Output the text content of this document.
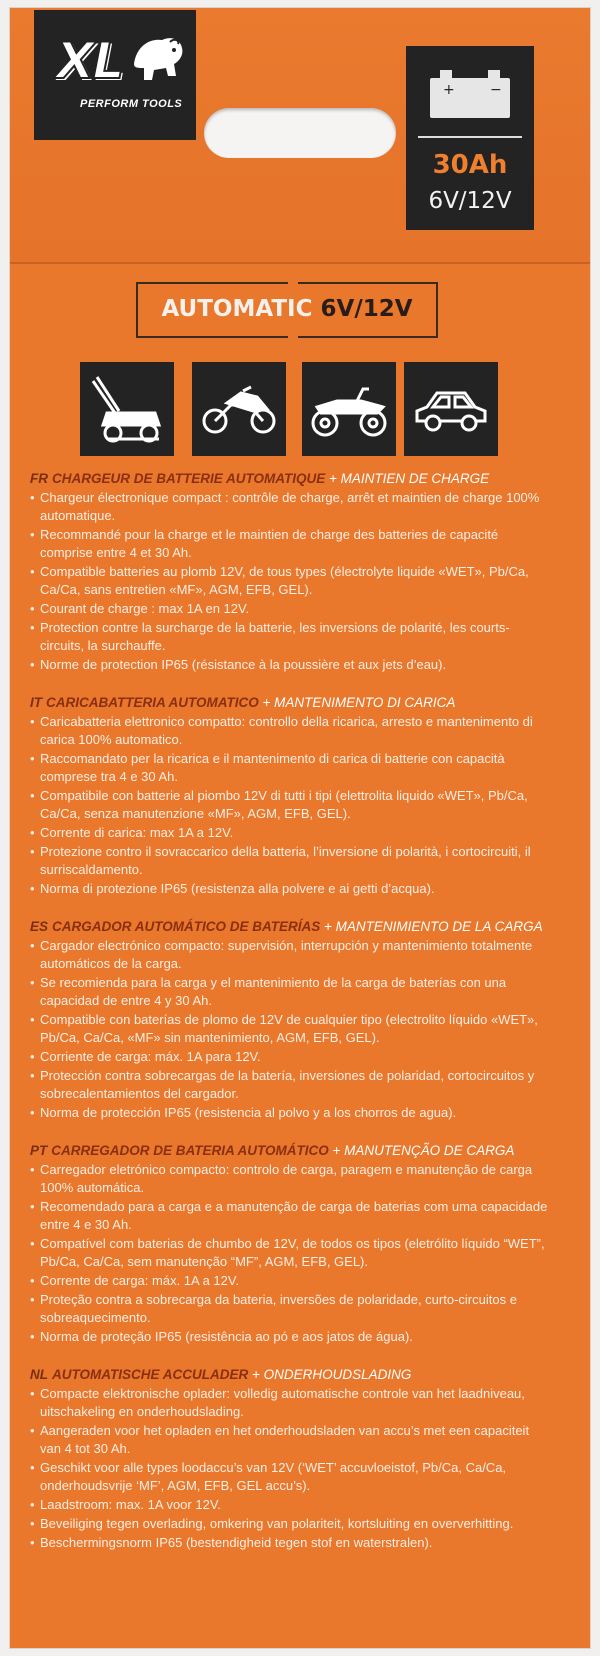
XL
PERFORM TOOLS
+	−
30Ah
6V/12V
AUTOMATIC 6V/12V
FR CHARGEUR DE BATTERIE AUTOMATIQUE + MAINTIEN DE CHARGE
• Chargeur électronique compact : contrôle de charge, arrêt et maintien de charge 100% automatique.
• Recommandé pour la charge et le maintien de charge des batteries de capacité comprise entre 4 et 30 Ah.
• Compatible batteries au plomb 12V, de tous types (électrolyte liquide «WET», Pb/Ca, Ca/Ca, sans entretien «MF», AGM, EFB, GEL).
• Courant de charge : max 1A en 12V.
• Protection contre la surcharge de la batterie, les inversions de polarité, les courts-circuits, la surchauffe.
• Norme de protection IP65 (résistance à la poussière et aux jets d’eau).
IT CARICABATTERIA AUTOMATICO + MANTENIMENTO DI CARICA
• Caricabatteria elettronico compatto: controllo della ricarica, arresto e mantenimento di carica 100% automatico.
• Raccomandato per la ricarica e il mantenimento di carica di batterie con capacità comprese tra 4 e 30 Ah.
• Compatibile con batterie al piombo 12V di tutti i tipi (elettrolita liquido «WET», Pb/Ca, Ca/Ca, senza manutenzione «MF», AGM, EFB, GEL).
• Corrente di carica: max 1A a 12V.
• Protezione contro il sovraccarico della batteria, l’inversione di polarità, i cortocircuiti, il surriscaldamento.
• Norma di protezione IP65 (resistenza alla polvere e ai getti d’acqua).
ES CARGADOR AUTOMÁTICO DE BATERÍAS + MANTENIMIENTO DE LA CARGA
• Cargador electrónico compacto: supervisión, interrupción y mantenimiento totalmente automáticos de la carga.
• Se recomienda para la carga y el mantenimiento de la carga de baterías con una capacidad de entre 4 y 30 Ah.
• Compatible con baterías de plomo de 12V de cualquier tipo (electrolito líquido «WET», Pb/Ca, Ca/Ca, «MF» sin mantenimiento, AGM, EFB, GEL).
• Corriente de carga: máx. 1A para 12V.
• Protección contra sobrecargas de la batería, inversiones de polaridad, cortocircuitos y sobrecalentamientos del cargador.
• Norma de protección IP65 (resistencia al polvo y a los chorros de agua).
PT CARREGADOR DE BATERIA AUTOMÁTICO + MANUTENÇÃO DE CARGA
• Carregador eletrónico compacto: controlo de carga, paragem e manutenção de carga 100% automática.
• Recomendado para a carga e a manutenção de carga de baterias com uma capacidade entre 4 e 30 Ah.
• Compatível com baterias de chumbo de 12V, de todos os tipos (eletrólito líquido “WET”, Pb/Ca, Ca/Ca, sem manutenção “MF”, AGM, EFB, GEL).
• Corrente de carga: máx. 1A a 12V.
• Proteção contra a sobrecarga da bateria, inversões de polaridade, curto-circuitos e sobreaquecimento.
• Norma de proteção IP65 (resistência ao pó e aos jatos de água).
NL AUTOMATISCHE ACCULADER + ONDERHOUDSLADING
• Compacte elektronische oplader: volledig automatische controle van het laadniveau, uitschakeling en onderhoudslading.
• Aangeraden voor het opladen en het onderhoudsladen van accu’s met een capaciteit van 4 tot 30 Ah.
• Geschikt voor alle types loodaccu’s van 12V (‘WET’ accuvloeistof, Pb/Ca, Ca/Ca, onderhoudsvrije ‘MF’, AGM, EFB, GEL accu’s).
• Laadstroom: max. 1A voor 12V.
• Beveiliging tegen overlading, omkering van polariteit, kortsluiting en oververhitting.
• Beschermingsnorm IP65 (bestendigheid tegen stof en waterstralen).
